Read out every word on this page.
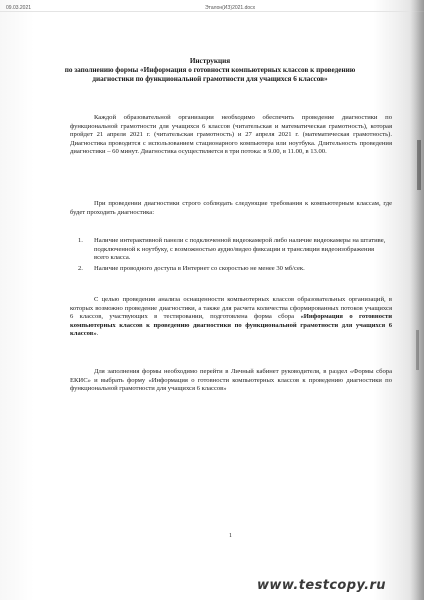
09.03.2021	Эталон(ИЗ)2021.docx
Инструкция
по заполнению формы «Информация о готовности компьютерных классов к проведению диагностики по функциональной грамотности для учащихся 6 классов»

Каждой образовательной организации необходимо обеспечить проведение диагностики по функциональной грамотности для учащихся 6 классов (читательская и математическая грамотность), которая пройдет 21 апреля 2021 г. (читательская грамотность) и 27 апреля 2021 г. (математическая грамотность). Диагностика проводится с использованием стационарного компьютера или ноутбука. Длительность проведения диагностики – 60 минут. Диагностика осуществляется в три потока: в 9.00, в 11.00, в 13.00.

При проведении диагностики строго соблюдать следующие требования к компьютерным классам, где будет проходить диагностика:

1. Наличие интерактивной панели с подключенной видеокамерой либо наличие видеокамеры на штативе, подключенной к ноутбуку, с возможностью аудио/видео фиксации и трансляции видеоизображения всего класса.
2. Наличие проводного доступа в Интернет со скоростью не менее 30 мб/сек.

С целью проведения анализа оснащенности компьютерных классов образовательных организаций, в которых возможно проведение диагностики, а также для расчета количества сформированных потоков учащихся 6 классов, участвующих в тестировании, подготовлена форма сбора «Информация о готовности компьютерных классов к проведению диагностики по функциональной грамотности для учащихся 6 классов».

Для заполнения формы необходимо перейти в Личный кабинет руководителя, в раздел «Формы сбора ЕКИС» и выбрать форму «Информация о готовности компьютерных классов к проведению диагностики по функциональной грамотности для учащихся 6 классов»

1
www.testcopy.ru
